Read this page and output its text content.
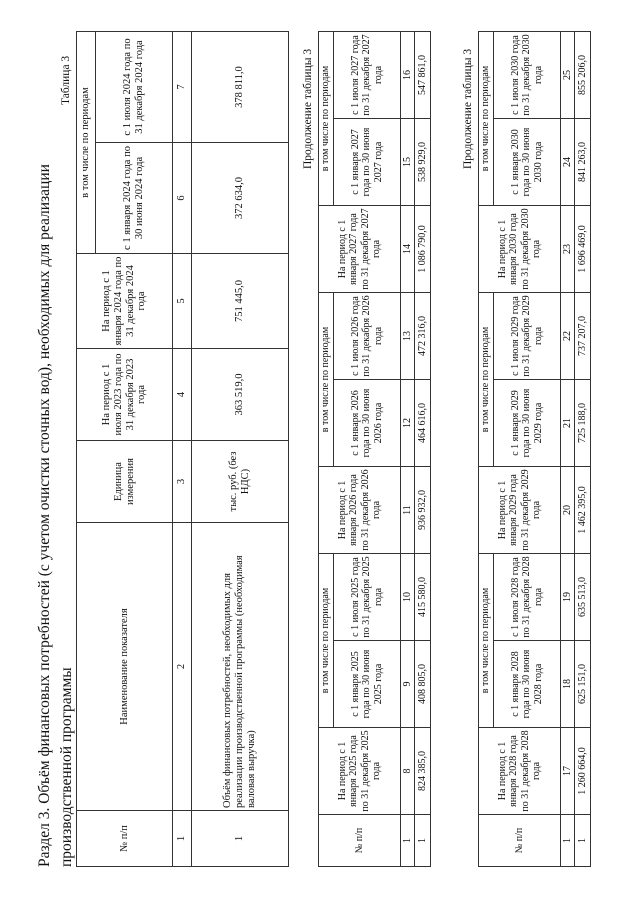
Раздел 3. Объём финансовых потребностей (с учетом очистки сточных вод), необходимых для реализации производственной программы

Таблица 3
№ п/п	Наименование показателя	Единица измерения	На период с 1 июля 2023 года по 31 декабря 2023 года	На период с 1 января 2024 года по 31 декабря 2024 года	в том числе по периодам	
					с 1 января 2024 года по 30 июня 2024 года	с 1 июля 2024 года по 31 декабря 2024 года
1	2	3	4	5	6	7
1	Объём финансовых потребностей, необходимых для реализации производственной программы (необходимая валовая выручка)	тыс. руб. (без НДС)	363 519,0	751 445,0	372 634,0	378 811,0	Продолжение таблицы 3
№ п/п	На период с 1 января 2025 года по 31 декабря 2025 года	в том числе по периодам		На период с 1 января 2026 года по 31 декабря 2026 года	в том числе по периодам		На период с 1 января 2027 года по 31 декабря 2027 года	в том числе по периодам	
		с 1 января 2025 года по 30 июня 2025 года	с 1 июля 2025 года по 31 декабря 2025 года		с 1 января 2026 года по 30 июня 2026 года	с 1 июля 2026 года по 31 декабря 2026 года		с 1 января 2027 года по 30 июня 2027 года	с 1 июля 2027 года по 31 декабря 2027 года
1	8	9	10	11	12	13	14	15	16
1	824 385,0	408 805,0	415 580,0	936 932,0	464 616,0	472 316,0	1 086 790,0	538 929,0	547 861,0	Продолжение таблицы 3
№ п/п	На период с 1 января 2028 года по 31 декабря 2028 года	в том числе по периодам		На период с 1 января 2029 года по 31 декабря 2029 года	в том числе по периодам		На период с 1 января 2030 года по 31 декабря 2030 года	в том числе по периодам	
		с 1 января 2028 года по 30 июня 2028 года	с 1 июля 2028 года по 31 декабря 2028 года		с 1 января 2029 года по 30 июня 2029 года	с 1 июля 2029 года по 31 декабря 2029 года		с 1 января 2030 года по 30 июня 2030 года	с 1 июля 2030 года по 31 декабря 2030 года
1	17	18	19	20	21	22	23	24	25
1	1 260 664,0	625 151,0	635 513,0	1 462 395,0	725 188,0	737 207,0	1 696 469,0	841 263,0	855 206,0
